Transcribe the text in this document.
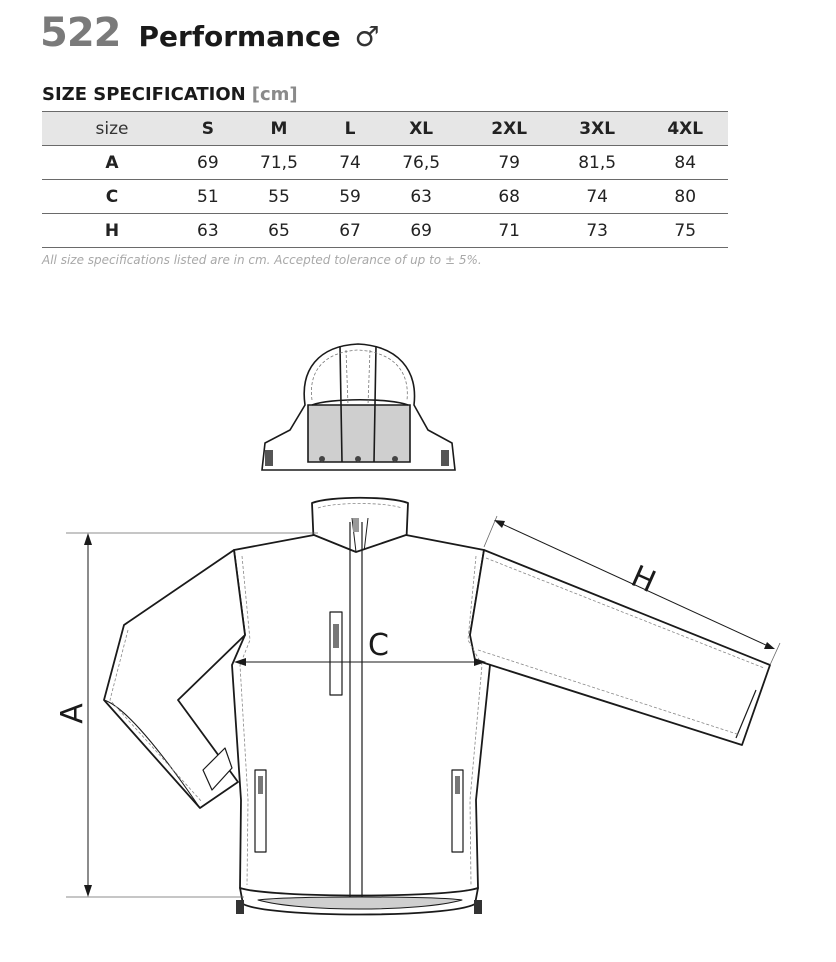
522 Performance ♂
SIZE SPECIFICATION [cm]
size	S	M	L	XL	2XL	3XL	4XL
A	69	71,5	74	76,5	79	81,5	84
C	51	55	59	63	68	74	80
H	63	65	67	69	71	73	75
All size specifications listed are in cm. Accepted tolerance of up to ± 5%.
A
C
H
